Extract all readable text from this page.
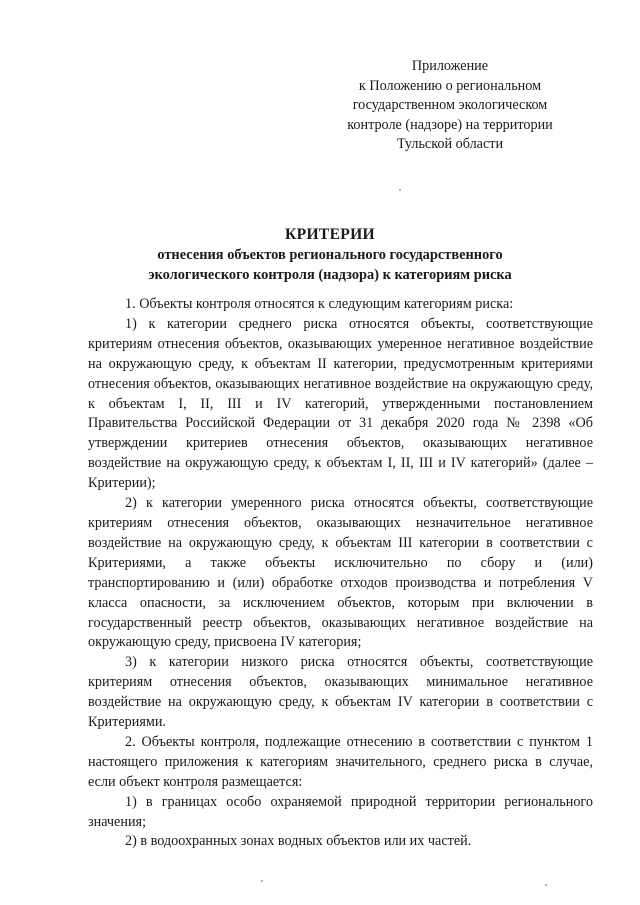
Приложение
к Положению о региональном
государственном экологическом
контроле (надзоре) на территории
Тульской области
КРИТЕРИИ
отнесения объектов регионального государственного
экологического контроля (надзора) к категориям риска

1. Объекты контроля относятся к следующим категориям риска:

1) к категории среднего риска относятся объекты, соответствующие критериям отнесения объектов, оказывающих умеренное негативное воздействие на окружающую среду, к объектам II категории, предусмотренным критериями отнесения объектов, оказывающих негативное воздействие на окружающую среду, к объектам I, II, III и IV категорий, утвержденными постановлением Правительства Российской Федерации от 31 декабря 2020 года № 2398 «Об утверждении критериев отнесения объектов, оказывающих негативное воздействие на окружающую среду, к объектам I, II, III и IV категорий» (далее – Критерии);

2) к категории умеренного риска относятся объекты, соответствующие критериям отнесения объектов, оказывающих незначительное негативное воздействие на окружающую среду, к объектам III категории в соответствии с Критериями, а также объекты исключительно по сбору и (или) транспортированию и (или) обработке отходов производства и потребления V класса опасности, за исключением объектов, которым при включении в государственный реестр объектов, оказывающих негативное воздействие на окружающую среду, присвоена IV категория;

3) к категории низкого риска относятся объекты, соответствующие критериям отнесения объектов, оказывающих минимальное негативное воздействие на окружающую среду, к объектам IV категории в соответствии с Критериями.

2. Объекты контроля, подлежащие отнесению в соответствии с пунктом 1 настоящего приложения к категориям значительного, среднего риска в случае, если объект контроля размещается:

1) в границах особо охраняемой природной территории регионального значения;

2) в водоохранных зонах водных объектов или их частей.
